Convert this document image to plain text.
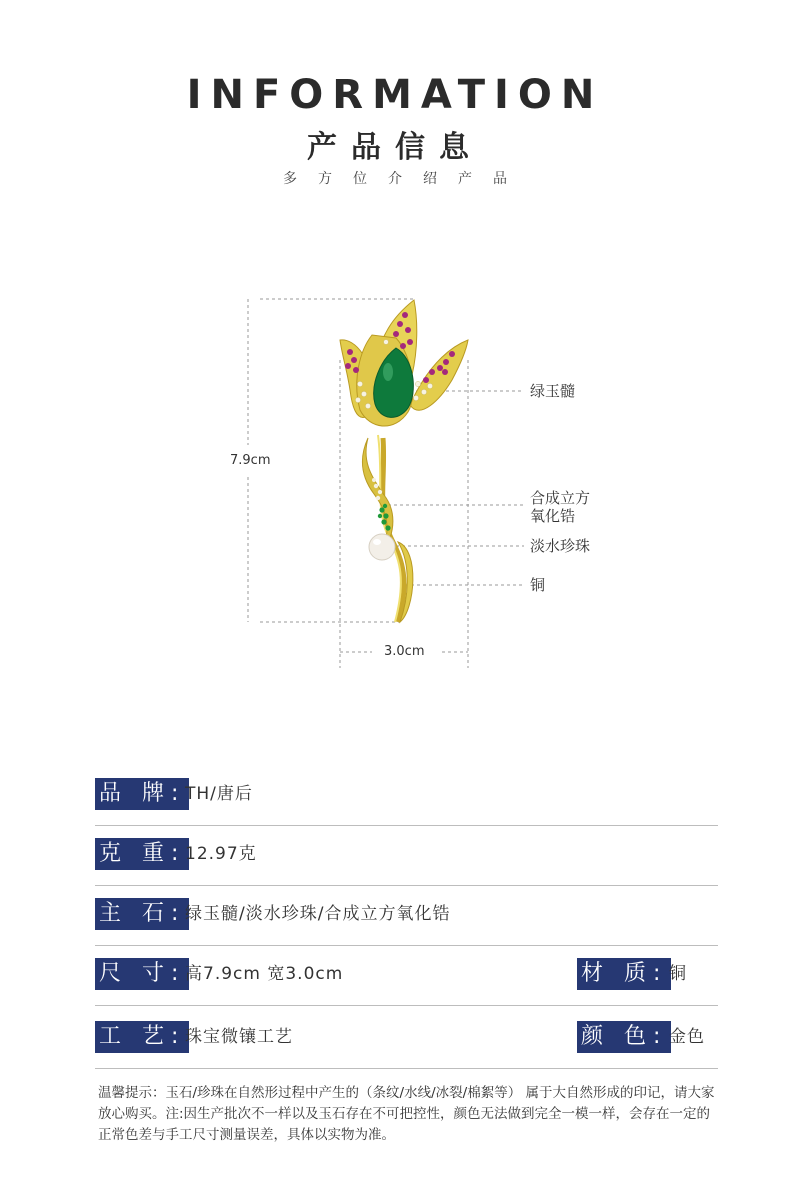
INFORMATION
产品信息
多方位介绍产品
7.9cm
3.0cm
绿玉髓
合成立方
氧化锆
淡水珍珠
铜
品 牌: TH/唐后
克 重: 12.97克
主 石: 绿玉髓/淡水珍珠/合成立方氧化锆
尺 寸: 高7.9cm 宽3.0cm	材 质: 铜
工 艺: 珠宝微镶工艺	颜 色: 金色
温馨提示：玉石/珍珠在自然形过程中产生的（条纹/水线/冰裂/棉絮等） 属于大自然形成的印记，请大家放心购买。注:因生产批次不一样以及玉石存在不可把控性，颜色无法做到完全一模一样，会存在一定的正常色差与手工尺寸测量误差，具体以实物为准。
